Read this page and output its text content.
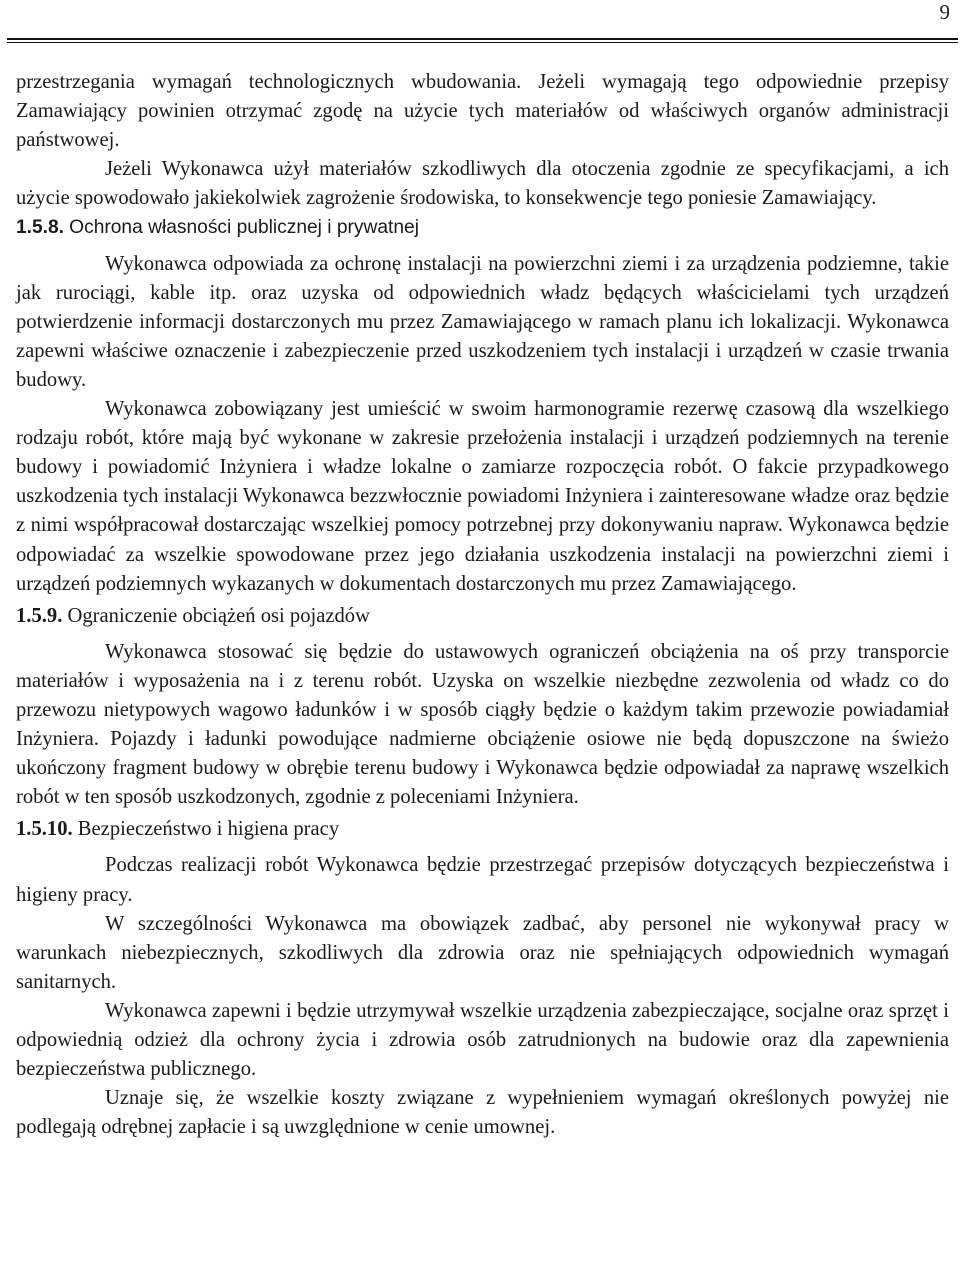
9

przestrzegania wymagań technologicznych wbudowania. Jeżeli wymagają tego odpowiednie przepisy Zamawiający powinien otrzymać zgodę na użycie tych materiałów od właściwych organów administracji państwowej.

Jeżeli Wykonawca użył materiałów szkodliwych dla otoczenia zgodnie ze specyfikacjami, a ich użycie spowodowało jakiekolwiek zagrożenie środowiska, to konsekwencje tego poniesie Zamawiający.

1.5.8. Ochrona własności publicznej i prywatnej

Wykonawca odpowiada za ochronę instalacji na powierzchni ziemi i za urządzenia podziemne, takie jak rurociągi, kable itp. oraz uzyska od odpowiednich władz będących właścicielami tych urządzeń potwierdzenie informacji dostarczonych mu przez Zamawiającego w ramach planu ich lokalizacji. Wykonawca zapewni właściwe oznaczenie i zabezpieczenie przed uszkodzeniem tych instalacji i urządzeń w czasie trwania budowy.

Wykonawca zobowiązany jest umieścić w swoim harmonogramie rezerwę czasową dla wszelkiego rodzaju robót, które mają być wykonane w zakresie przełożenia instalacji i urządzeń podziemnych na terenie budowy i powiadomić Inżyniera i władze lokalne o zamiarze rozpoczęcia robót. O fakcie przypadkowego uszkodzenia tych instalacji Wykonawca bezzwłocznie powiadomi Inżyniera i zainteresowane władze oraz będzie z nimi współpracował dostarczając wszelkiej pomocy potrzebnej przy dokonywaniu napraw. Wykonawca będzie odpowiadać za wszelkie spowodowane przez jego działania uszkodzenia instalacji na powierzchni ziemi i urządzeń podziemnych wykazanych w dokumentach dostarczonych mu przez Zamawiającego.

1.5.9. Ograniczenie obciążeń osi pojazdów

Wykonawca stosować się będzie do ustawowych ograniczeń obciążenia na oś przy transporcie materiałów i wyposażenia na i z terenu robót. Uzyska on wszelkie niezbędne zezwolenia od władz co do przewozu nietypowych wagowo ładunków i w sposób ciągły będzie o każdym takim przewozie powiadamiał Inżyniera. Pojazdy i ładunki powodujące nadmierne obciążenie osiowe nie będą dopuszczone na świeżo ukończony fragment budowy w obrębie terenu budowy i Wykonawca będzie odpowiadał za naprawę wszelkich robót w ten sposób uszkodzonych, zgodnie z poleceniami Inżyniera.

1.5.10. Bezpieczeństwo i higiena pracy

Podczas realizacji robót Wykonawca będzie przestrzegać przepisów dotyczących bezpieczeństwa i higieny pracy.

W szczególności Wykonawca ma obowiązek zadbać, aby personel nie wykonywał pracy w warunkach niebezpiecznych, szkodliwych dla zdrowia oraz nie spełniających odpowiednich wymagań sanitarnych.

Wykonawca zapewni i będzie utrzymywał wszelkie urządzenia zabezpieczające, socjalne oraz sprzęt i odpowiednią odzież dla ochrony życia i zdrowia osób zatrudnionych na budowie oraz dla zapewnienia bezpieczeństwa publicznego.

Uznaje się, że wszelkie koszty związane z wypełnieniem wymagań określonych powyżej nie podlegają odrębnej zapłacie i są uwzględnione w cenie umownej.
